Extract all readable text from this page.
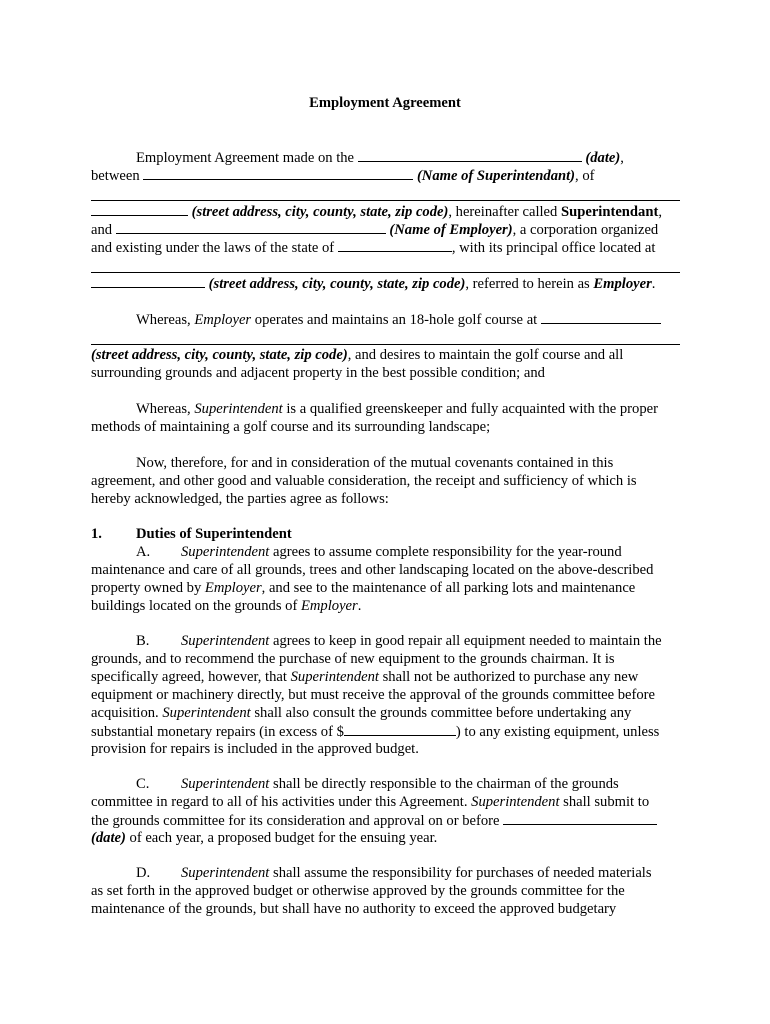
Employment Agreement
Employment Agreement made on the	(date),
between	(Name of Superintendant), of
(street address, city, county, state, zip code), hereinafter called Superintendant,
and	(Name of Employer), a corporation organized
and existing under the laws of the state of	, with its principal office located at
(street address, city, county, state, zip code), referred to herein as Employer.
Whereas, Employer operates and maintains an 18-hole golf course at
(street address, city, county, state, zip code), and desires to maintain the golf course and all
surrounding grounds and adjacent property in the best possible condition; and
Whereas, Superintendent is a qualified greenskeeper and fully acquainted with the proper
methods of maintaining a golf course and its surrounding landscape;
Now, therefore, for and in consideration of the mutual covenants contained in this
agreement, and other good and valuable consideration, the receipt and sufficiency of which is
hereby acknowledged, the parties agree as follows:
1. Duties of Superintendent
A. Superintendent agrees to assume complete responsibility for the year-round
maintenance and care of all grounds, trees and other landscaping located on the above-described
property owned by Employer, and see to the maintenance of all parking lots and maintenance
buildings located on the grounds of Employer.
B. Superintendent agrees to keep in good repair all equipment needed to maintain the
grounds, and to recommend the purchase of new equipment to the grounds chairman. It is
specifically agreed, however, that Superintendent shall not be authorized to purchase any new
equipment or machinery directly, but must receive the approval of the grounds committee before
acquisition. Superintendent shall also consult the grounds committee before undertaking any
substantial monetary repairs (in excess of $	) to any existing equipment, unless
provision for repairs is included in the approved budget.
C. Superintendent shall be directly responsible to the chairman of the grounds
committee in regard to all of his activities under this Agreement. Superintendent shall submit to
the grounds committee for its consideration and approval on or before
(date) of each year, a proposed budget for the ensuing year.
D. Superintendent shall assume the responsibility for purchases of needed materials
as set forth in the approved budget or otherwise approved by the grounds committee for the
maintenance of the grounds, but shall have no authority to exceed the approved budgetary
